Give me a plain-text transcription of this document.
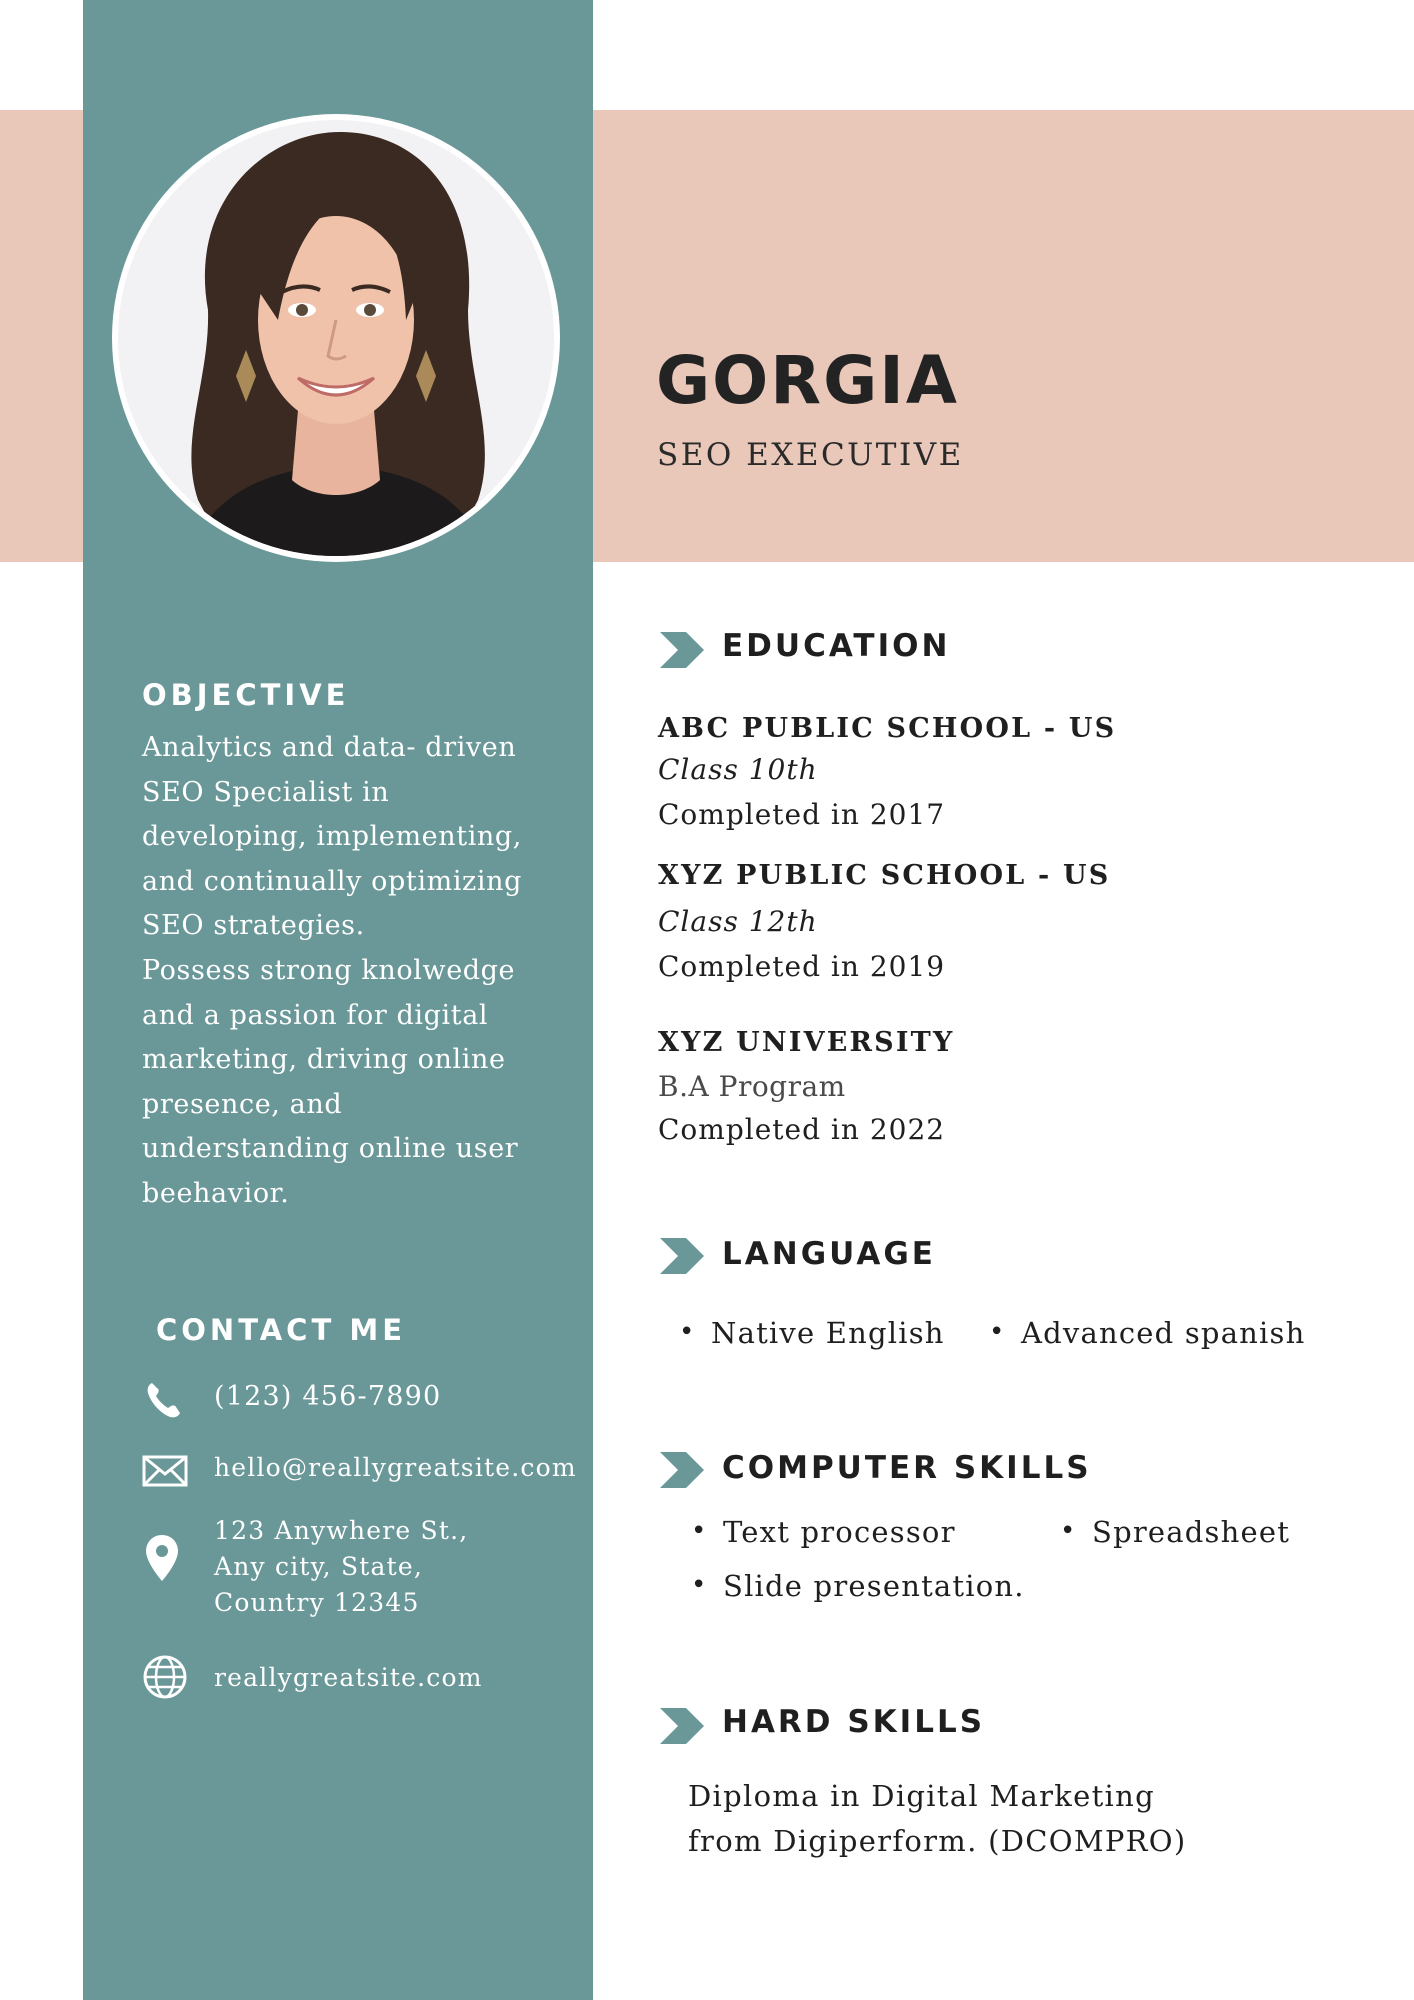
GORGIA
SEO EXECUTIVE
OBJECTIVE

Analytics and data- driven

SEO Specialist in

developing, implementing,

and continually optimizing

SEO strategies.

Possess strong knolwedge

and a passion for digital

marketing, driving online

presence, and

understanding online user

beehavior.

CONTACT ME
(123) 456-7890
hello@reallygreatsite.com
123 Anywhere St.,
Any city, State,
Country 12345
reallygreatsite.com
EDUCATION
ABC PUBLIC SCHOOL - US
Class 10th
Completed in 2017
XYZ PUBLIC SCHOOL - US
Class 12th
Completed in 2019
XYZ UNIVERSITY
B.A Program
Completed in 2022
LANGUAGE
• Native English	• Advanced spanish
COMPUTER SKILLS
• Text processor	• Spreadsheet
• Slide presentation.
HARD SKILLS
Diploma in Digital Marketing
from Digiperform. (DCOMPRO)
